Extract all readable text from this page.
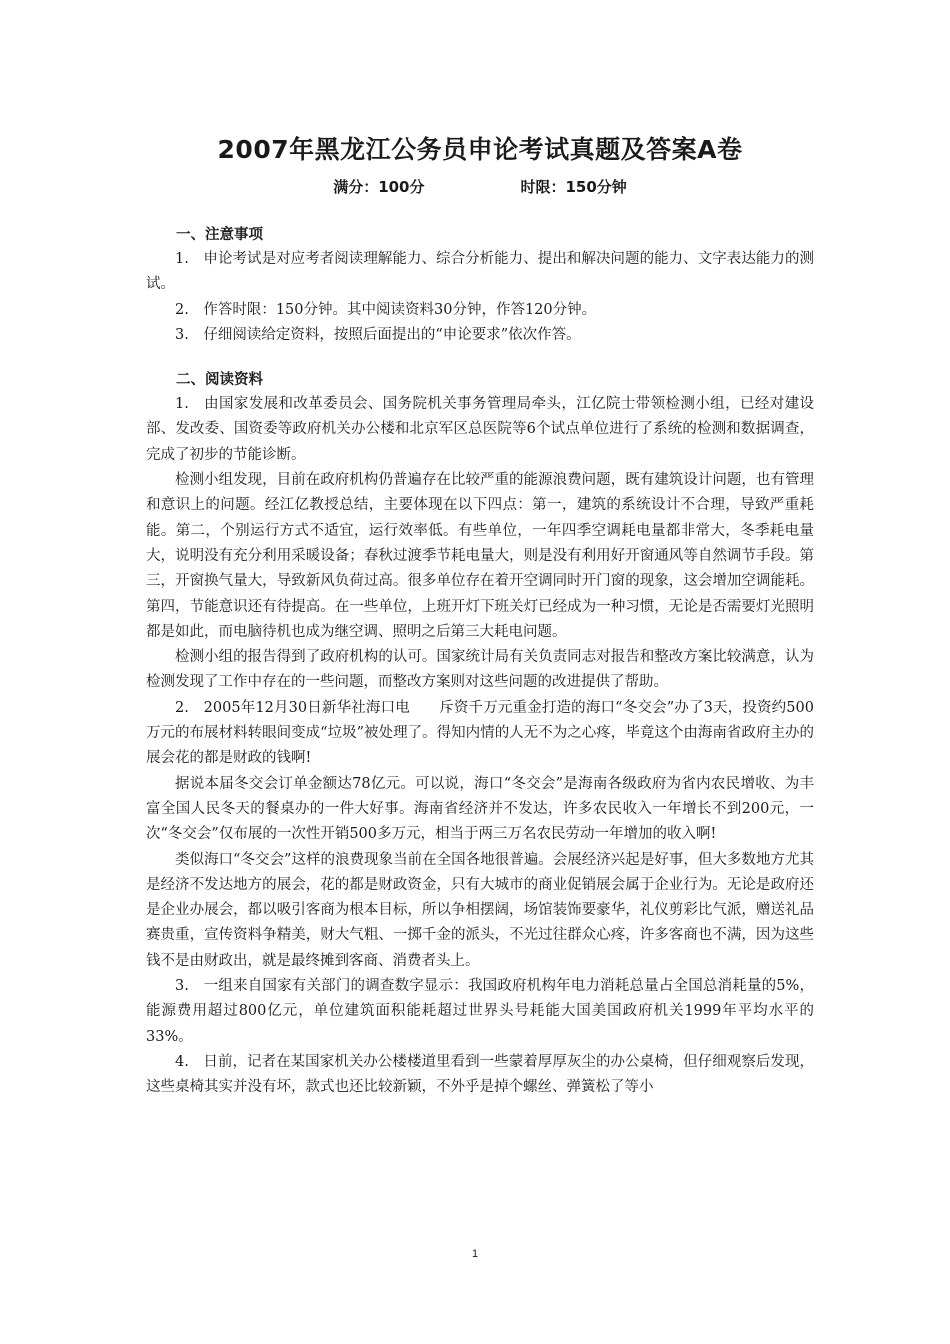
2007年黑龙江公务员申论考试真题及答案A卷
满分：100分	时限：150分钟
一、注意事项

1.　申论考试是对应考者阅读理解能力、综合分析能力、提出和解决问题的能力、文字表达能力的测试。

2.　作答时限：150分钟。其中阅读资料30分钟，作答120分钟。

3.　仔细阅读给定资料，按照后面提出的“申论要求”依次作答。

二、阅读资料

1.　由国家发展和改革委员会、国务院机关事务管理局牵头，江亿院士带领检测小组，已经对建设部、发改委、国资委等政府机关办公楼和北京军区总医院等6个试点单位进行了系统的检测和数据调查，完成了初步的节能诊断。

检测小组发现，目前在政府机构仍普遍存在比较严重的能源浪费问题，既有建筑设计问题，也有管理和意识上的问题。经江亿教授总结，主要体现在以下四点：第一，建筑的系统设计不合理，导致严重耗能。第二，个别运行方式不适宜，运行效率低。有些单位，一年四季空调耗电量都非常大，冬季耗电量大，说明没有充分利用采暖设备；春秋过渡季节耗电量大，则是没有利用好开窗通风等自然调节手段。第三，开窗换气量大，导致新风负荷过高。很多单位存在着开空调同时开门窗的现象，这会增加空调能耗。第四，节能意识还有待提高。在一些单位，上班开灯下班关灯已经成为一种习惯，无论是否需要灯光照明都是如此，而电脑待机也成为继空调、照明之后第三大耗电问题。

检测小组的报告得到了政府机构的认可。国家统计局有关负责同志对报告和整改方案比较满意，认为检测发现了工作中存在的一些问题，而整改方案则对这些问题的改进提供了帮助。

2.　2005年12月30日新华社海口电　　斥资千万元重金打造的海口“冬交会”办了3天，投资约500万元的布展材料转眼间变成“垃圾”被处理了。得知内情的人无不为之心疼，毕竟这个由海南省政府主办的展会花的都是财政的钱啊!

据说本届冬交会订单金额达78亿元。可以说，海口“冬交会”是海南各级政府为省内农民增收、为丰富全国人民冬天的餐桌办的一件大好事。海南省经济并不发达，许多农民收入一年增长不到200元，一次“冬交会”仅布展的一次性开销500多万元，相当于两三万名农民劳动一年增加的收入啊!

类似海口“冬交会”这样的浪费现象当前在全国各地很普遍。会展经济兴起是好事，但大多数地方尤其是经济不发达地方的展会，花的都是财政资金，只有大城市的商业促销展会属于企业行为。无论是政府还是企业办展会，都以吸引客商为根本目标，所以争相摆阔，场馆装饰要豪华，礼仪剪彩比气派，赠送礼品赛贵重，宣传资料争精美，财大气粗、一掷千金的派头，不光过往群众心疼，许多客商也不满，因为这些钱不是由财政出，就是最终摊到客商、消费者头上。

3.　一组来自国家有关部门的调查数字显示：我国政府机构年电力消耗总量占全国总消耗量的5%，能源费用超过800亿元，单位建筑面积能耗超过世界头号耗能大国美国政府机关1999年平均水平的33%。

4.　日前，记者在某国家机关办公楼楼道里看到一些蒙着厚厚灰尘的办公桌椅，但仔细观察后发现，这些桌椅其实并没有坏，款式也还比较新颖，不外乎是掉个螺丝、弹簧松了等小

1
